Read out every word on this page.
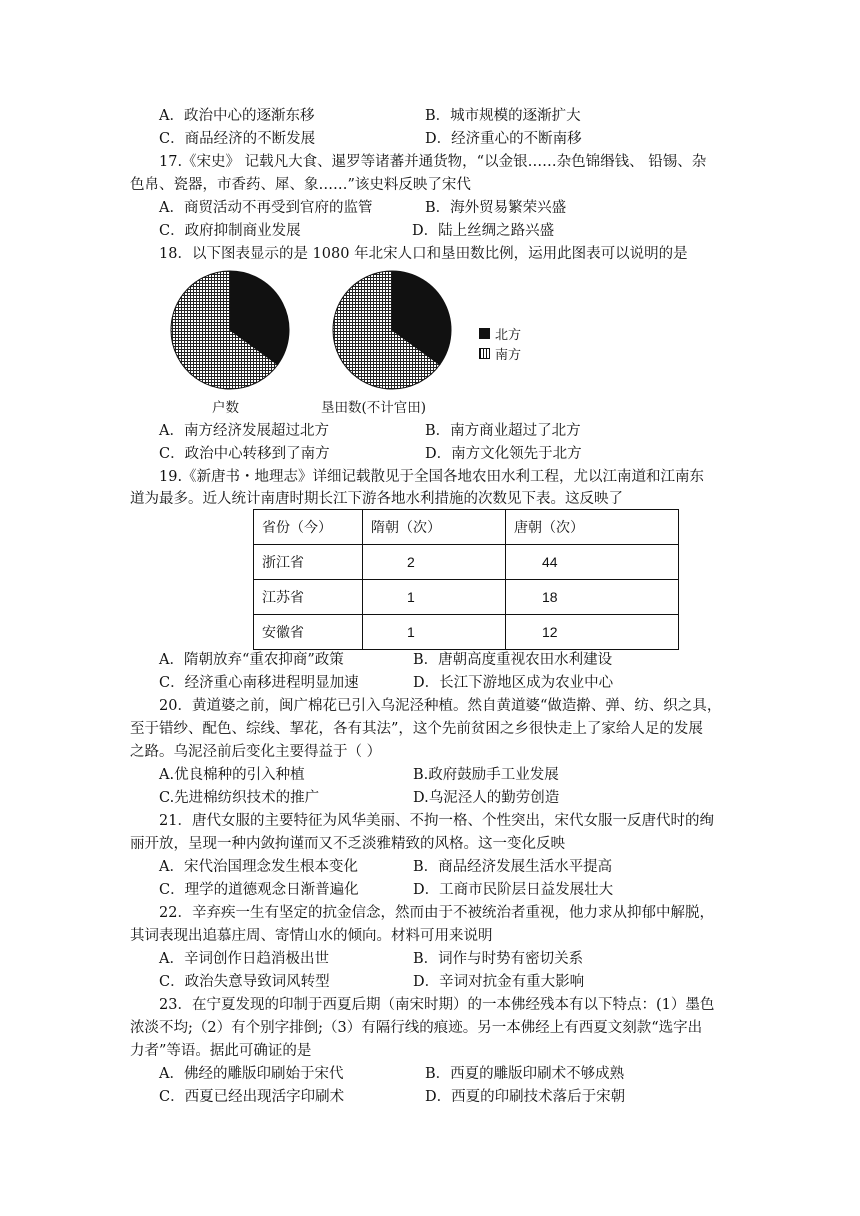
A．政治中心的逐渐东移	B．城市规模的逐渐扩大
C．商品经济的不断发展	D．经济重心的不断南移
17.《宋史》 记载凡大食、暹罗等诸蕃并通货物，“以金银……杂色锦缗钱、 铅锡、杂
色帛、瓷器，市香药、犀、象……”该史料反映了宋代
A．商贸活动不再受到官府的监管	B．海外贸易繁荣兴盛
C．政府抑制商业发展	D．陆上丝绸之路兴盛
18．以下图表显示的是 1080 年北宋人口和垦田数比例，运用此图表可以说明的是
户数	垦田数(不计官田)
北方
南方
A．南方经济发展超过北方	B．南方商业超过了北方
C．政治中心转移到了南方	D．南方文化领先于北方
19.《新唐书・地理志》详细记载散见于全国各地农田水利工程，尤以江南道和江南东
道为最多。近人统计南唐时期长江下游各地水利措施的次数见下表。这反映了
省份（今）	隋朝（次）	唐朝（次）
浙江省	2	44
江苏省	1	18
安徽省	1	12
A．隋朝放弃“重农抑商”政策	B．唐朝高度重视农田水利建设
C．经济重心南移进程明显加速	D．长江下游地区成为农业中心
20．黄道婆之前，闽广棉花已引入乌泥泾种植。然自黄道婆“做造擀、弹、纺、织之具，
至于错纱、配色、综线、挈花，各有其法”，这个先前贫困之乡很快走上了家给人足的发展
之路。乌泥泾前后变化主要得益于（ ）
A.优良棉种的引入种植	B.政府鼓励手工业发展
C.先进棉纺织技术的推广	D.乌泥泾人的勤劳创造
21．唐代女服的主要特征为风华美丽、不拘一格、个性突出，宋代女服一反唐代时的绚
丽开放，呈现一种内敛拘谨而又不乏淡雅精致的风格。这一变化反映
A．宋代治国理念发生根本变化	B．商品经济发展生活水平提高
C．理学的道德观念日渐普遍化	D．工商市民阶层日益发展壮大
22．辛弃疾一生有坚定的抗金信念，然而由于不被统治者重视，他力求从抑郁中解脱，
其词表现出追慕庄周、寄情山水的倾向。材料可用来说明
A．辛词创作日趋消极出世	B．词作与时势有密切关系
C．政治失意导致词风转型	D．辛词对抗金有重大影响
23．在宁夏发现的印制于西夏后期（南宋时期）的一本佛经残本有以下特点：(1）墨色
浓淡不均;（2）有个别字排倒;（3）有隔行线的痕迹。另一本佛经上有西夏文刻款“选字出
力者”等语。据此可确证的是
A．佛经的雕版印刷始于宋代	B．西夏的雕版印刷术不够成熟
C．西夏已经出现活字印刷术	D．西夏的印刷技术落后于宋朝
